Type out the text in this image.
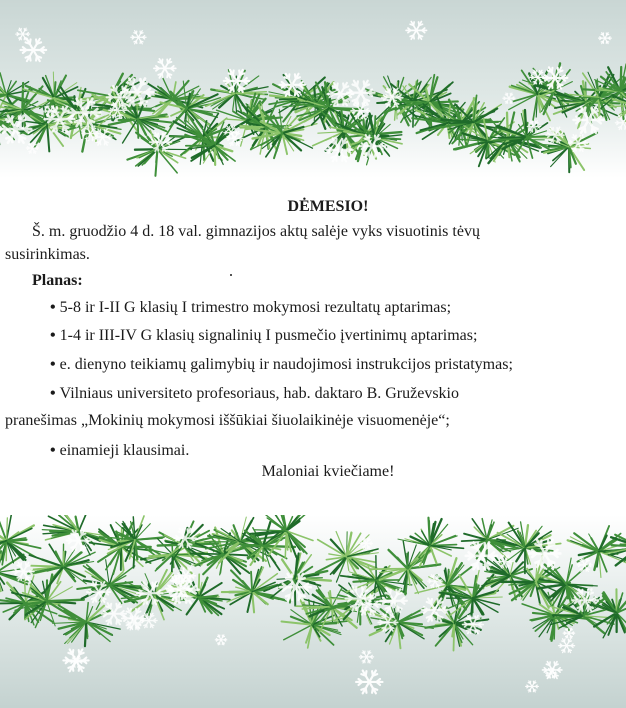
DĖMESIO!
Š. m. gruodžio 4 d. 18 val. gimnazijos aktų salėje vyks visuotinis tėvų susirinkimas.
Planas:
• 5-8 ir I-II G klasių I trimestro mokymosi rezultatų aptarimas;
• 1-4 ir III-IV G klasių signalinių I pusmečio įvertinimų aptarimas;
• e. dienyno teikiamų galimybių ir naudojimosi instrukcijos pristatymas;
• Vilniaus universiteto profesoriaus, hab. daktaro B. Gruževskio
pranešimas „Mokinių mokymosi iššūkiai šiuolaikinėje visuomenėje“;
• einamieji klausimai.
Maloniai kviečiame!
